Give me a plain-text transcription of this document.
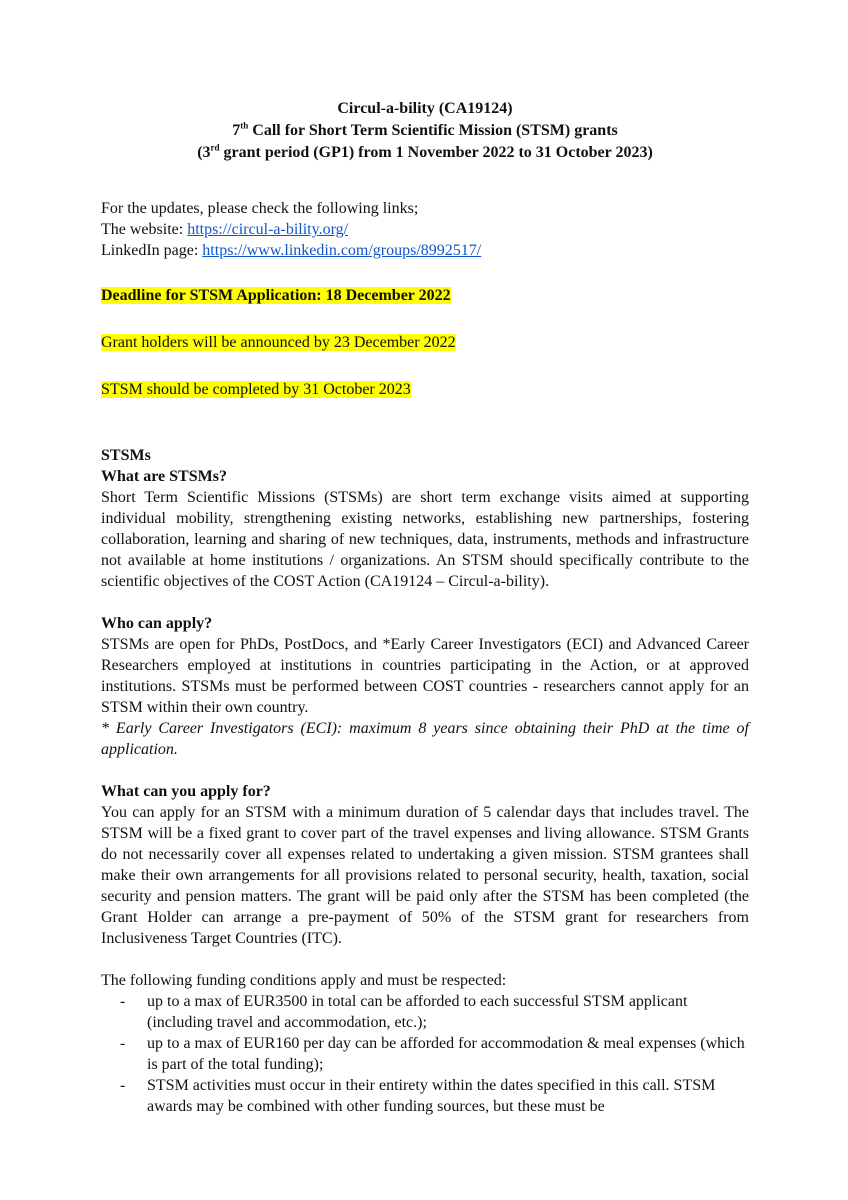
Circul-a-bility (CA19124)

7th Call for Short Term Scientific Mission (STSM) grants

(3rd grant period (GP1) from 1 November 2022 to 31 October 2023)

For the updates, please check the following links;

The website: https://circul-a-bility.org/

LinkedIn page: https://www.linkedin.com/groups/8992517/

Deadline for STSM Application: 18 December 2022

Grant holders will be announced by 23 December 2022

STSM should be completed by 31 October 2023

STSMs
What are STSMs?

Short Term Scientific Missions (STSMs) are short term exchange visits aimed at supporting individual mobility, strengthening existing networks, establishing new partnerships, fostering collaboration, learning and sharing of new techniques, data, instruments, methods and infrastructure not available at home institutions / organizations. An STSM should specifically contribute to the scientific objectives of the COST Action (CA19124 – Circul-a-bility).

Who can apply?

STSMs are open for PhDs, PostDocs, and *Early Career Investigators (ECI) and Advanced Career Researchers employed at institutions in countries participating in the Action, or at approved institutions. STSMs must be performed between COST countries - researchers cannot apply for an STSM within their own country.

* Early Career Investigators (ECI): maximum 8 years since obtaining their PhD at the time of application.

What can you apply for?

You can apply for an STSM with a minimum duration of 5 calendar days that includes travel. The STSM will be a fixed grant to cover part of the travel expenses and living allowance. STSM Grants do not necessarily cover all expenses related to undertaking a given mission. STSM grantees shall make their own arrangements for all provisions related to personal security, health, taxation, social security and pension matters. The grant will be paid only after the STSM has been completed (the Grant Holder can arrange a pre-payment of 50% of the STSM grant for researchers from Inclusiveness Target Countries (ITC).

The following funding conditions apply and must be respected:

- up to a max of EUR3500 in total can be afforded to each successful STSM applicant (including travel and accommodation, etc.);
- up to a max of EUR160 per day can be afforded for accommodation & meal expenses (which is part of the total funding);
- STSM activities must occur in their entirety within the dates specified in this call. STSM awards may be combined with other funding sources, but these must be
